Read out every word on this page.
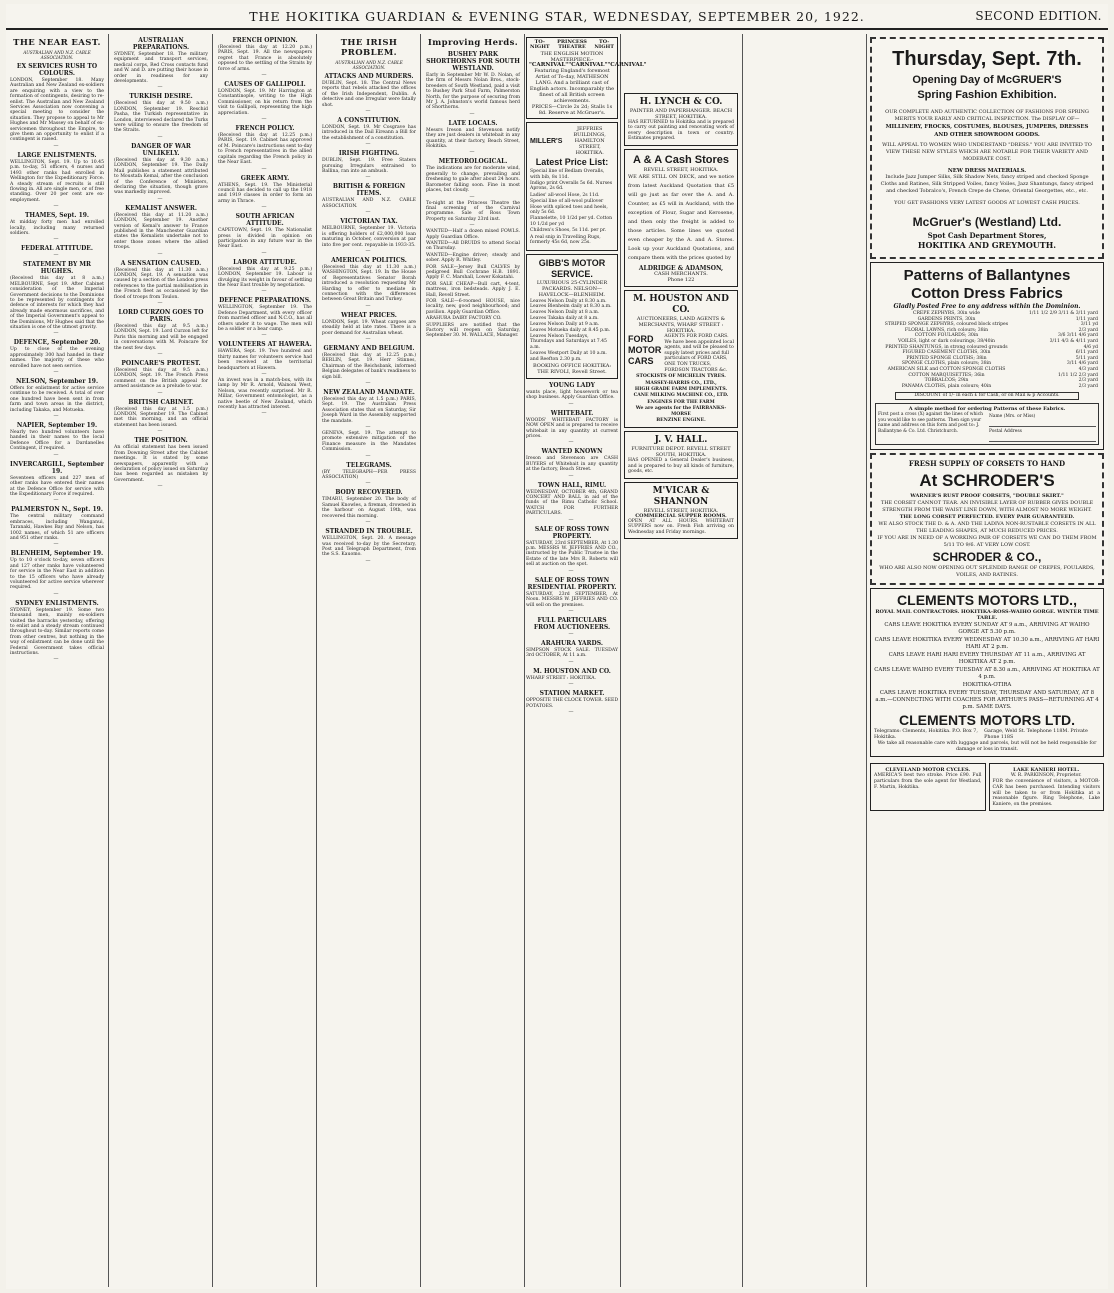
THE HOKITIKA GUARDIAN & EVENING STAR, WEDNESDAY, SEPTEMBER 20, 1922.	SECOND EDITION.
THE NEAR EAST.
AUSTRALIAN AND N.Z. CABLE ASSOCIATION.
EX SERVICES RUSH TO COLOURS.
LONDON, September 18. Many Australian and New Zealand ex-soldiers are enquiring with a view to the formation of contingents, desiring to re-enlist. The Australian and New Zealand Services Association now convening a special meeting to consider the situation. They propose to appeal to Mr Hughes and Mr Massey on behalf of ex-servicemen throughout the Empire, to give them an opportunity to enlist if a contingent is raised.
—
LARGE ENLISTMENTS.
WELLINGTON, Sept. 19. Up to 10.45 p.m. to-day, 51 officers, 4 nurses and 1493 other ranks had enrolled in Wellington for the Expeditionary Force. A steady stream of recruits is still flowing in. All are single men, or of free standing. Over 20 per cent are ex-employment.
—
THAMES, Sept. 19.
At midday forty men had enrolled locally, including many returned soldiers.
—
FEDERAL ATTITUDE.
—
STATEMENT BY MR HUGHES.
(Received this day at 8 a.m.) MELBOURNE, Sept 19. After Cabinet consideration of the Imperial Government decisions to the Dominions to be represented by contingents for defence of interests for which they had already made enormous sacrifices, and of the Imperial Government's appeal to the Dominions, Mr Hughes said that the situation is one of the utmost gravity.
—
DEFENCE, September 20.
Up to close of the evening approximately 300 had handed in their names. The majority of these who enrolled have not seen service.
—
NELSON, September 19.
Offers for enlistment for active service continue to be received. A total of over one hundred have been sent in from farm and town areas in the district, including Takaka, and Motueka.
—
NAPIER, September 19.
Nearly two hundred volunteers have handed in their names to the local Defence Office for a Dardanelles Contingent, if required.
—
INVERCARGILL, September 19.
Seventeen officers and 227 men of other ranks have entered their names at the Defence Office for service with the Expeditionary Force if required.
—
PALMERSTON N., Sept. 19.
The central military command embraces, including Wanganui, Taranaki, Hawkes Bay and Nelson, has 1002 names, of which 51 are officers and 951 other ranks.
—
BLENHEIM, September 19.
Up to 10 o'clock to-day, seven officers and 127 other ranks have volunteered for service in the Near East in addition to the 15 officers who have already volunteered for active service wherever required.
—
SYDNEY ENLISTMENTS.
SYDNEY, September 19. Some two thousand men, mainly ex-soldiers visited the barracks yesterday, offering to enlist and a steady stream continued throughout to-day. Similar reports come from other centres, but nothing in the way of enlistment can be done until the Federal Government takes official instructions.
—
AUSTRALIAN PREPARATIONS.
SYDNEY, September 18. The military equipment and transport services, medical corps, Red Cross contacts fund and W. and D. are putting their house in order in readiness for any developments.
—
TURKISH DESIRE.
(Received this day at 9.50 a.m.) LONDON, September 19. Reschid Pasha, the Turkish representative in London, interviewed declared the Turks were willing to ensure the freedom of the Straits.
—
DANGER OF WAR UNLIKELY.
(Received this day at 9.30 a.m.) LONDON, September 19. The Daily Mail publishes a statement attributed to Moustafa Kemal, after the conclusion of the Conference of Ministers, declaring the situation, though grave was markedly improved.
—
KEMALIST ANSWER.
(Received this day at 11.20 a.m.) LONDON, September 19. Another version of Kemal's answer to France published in the Manchester Guardian states the Kemalists undertake not to enter those zones where the allied troops.
—
A SENSATION CAUSED.
(Received this day at 11.30 a.m.) LONDON, Sept. 19. A sensation was caused by a section of the London press references to the partial mobilisation in the French fleet as occasioned by the flood of troops from Toulon.
—
LORD CURZON GOES TO PARIS.
(Received this day at 9.5 a.m.) LONDON, Sept. 19. Lord Curzon left for Paris this morning and will be engaged in conversations with M. Poincare for the next few days.
—
POINCARE'S PROTEST.
(Received this day at 9.5 a.m.) LONDON, Sept. 19. The French Press comment on the British appeal for armed assistance as a prelude to war.
—
BRITISH CABINET.
(Received this day at 1.5 p.m.) LONDON, September 19. The Cabinet met this morning, and an official statement has been issued.
—
THE POSITION.
An official statement has been issued from Downing Street after the Cabinet meetings. It is stated by some newspapers, apparently with a declaration of policy issued on Saturday has been regarded as mistaken by Government.
—
FRENCH OPINION.
(Received this day at 12.20 p.m.) PARIS, Sept. 19. All the newspapers regret that France is absolutely opposed to the settling of the Straits by force of arms.
—
CAUSES OF GALLIPOLI.
LONDON, Sept. 19. Mr Harrington at Constantinople, writing to the High Commissioner, on his return from the visit to Gallipoli, representing the high appreciation.
—
FRENCH POLICY.
(Received this day at 12.25 p.m.) PARIS, Sept. 19. Cabinet has approved of M. Poincare's instructions sent to-day to French representatives in the allied capitals regarding the French policy in the Near East.
—
GREEK ARMY.
ATHENS, Sept. 19. The Ministerial council has decided to call up the 1918 and 1919 classes in order to form an army in Thrace.
—
SOUTH AFRICAN ATTITUDE.
CAPETOWN, Sept. 19. The Nationalist press is divided in opinion on participation in any future war in the Near East.
—
LABOR ATTITUDE.
(Received this day at 9.25 p.m.) LONDON, September 19. Labour is divulging its weight in favour of settling the Near East trouble by negotiation.
—
DEFENCE PREPARATIONS.
WELLINGTON, September 19. The Defence Department, with every officer from married officer and N.C.O., has all others under it to wage. The men will be a soldier or a bear camp.
—
VOLUNTEERS AT HAWERA.
HAWERA, Sept. 19. Two hundred and thirty names for volunteers service had been received at the territorial headquarters at Hawera.
—
An invest was in a match-box, with its lamp by Mr R. Arnold, Wainoni West, Nelson, was recently surprised. Mr R. Millar, Government entomologist, as a native beetle of New Zealand, which recently has attracted interest.
—
THE IRISH PROBLEM.
AUSTRALIAN AND N.Z. CABLE ASSOCIATION.
ATTACKS AND MURDERS.
DUBLIN, Sept. 18. The Central News reports that rebels attacked the offices of the Irish Independent, Dublin. A detective and one Irregular were fatally shot.
—
A CONSTITUTION.
LONDON, Sept. 19. Mr Cosgrave has introduced in the Dail Eireann a Bill for the establishment of a constitution.
—
IRISH FIGHTING.
DUBLIN, Sept. 19. Free Staters pursuing Irregulars entrained to Ballina, ran into an ambush.
—
BRITISH & FOREIGN ITEMS.
AUSTRALIAN AND N.Z. CABLE ASSOCIATION.
—
VICTORIAN TAX.
MELBOURNE, September 19. Victoria is offering holders of £2,000,000 loan maturing in October, conversion at par into five per cent. repayable in 1933-35.
—
AMERICAN POLITICS.
(Received this day at 11.30 a.m.) WASHINGTON, Sept. 19. In the House of Representatives Senator Borah introduced a resolution requesting Mr Harding to offer to mediate in connection with the differences between Great Britain and Turkey.
—
WHEAT PRICES.
LONDON, Sept. 19. Wheat cargoes are steadily held at late rates. There is a poor demand for Australian wheat.
—
GERMANY AND BELGIUM.
(Received this day at 12.25 p.m.) BERLIN, Sept. 19. Herr Stinnes, Chairman of the Reichsbank, informed Belgian delegates of bank's readiness to sign bill.
—
NEW ZEALAND MANDATE.
(Received this day at 1.5 p.m.) PARIS, Sept. 19. The Australian Press Association states that on Saturday, Sir Joseph Ward in the Assembly supported the mandate.
—
GENEVA, Sept. 19. The attempt to promote extensive mitigation of the Finance measure in the Mandates Commission.
—
TELEGRAMS.
(BY TELEGRAPH—PER PRESS ASSOCIATION)
—
BODY RECOVERED.
TIMARU, September 20. The body of Samuel Knowles, a fireman, drowned in the harbour on August 19th, was recovered this morning.
—
STRANDED IN TROUBLE.
WELLINGTON, Sept. 20. A message was received to-day by the Secretary, Post and Telegraph Department, from the S.S. Kauomo.
—
Improving Herds.
BUSHEY PARK SHORTHORNS FOR SOUTH WESTLAND.
Early in September Mr W. D. Nolan, of the firm of Messrs Nolan Bros., stock-breeders of South Westland, paid a visit to Bushey Park Stud Farm, Palmerston North, for the purpose of securing from Mr J. A. Johnston's world famous herd of Shorthorns.
—
LATE LOCALS.
Messrs Ireson and Stevenson notify they are just dealers in whitebait in any quantity, at their factory, Beach Street, Hokitika.
—
METEOROLOGICAL.
The indications are for moderate wind, generally to change, prevailing and freshening to gale after about 24 hours. Barometer falling soon. Fine in most places, but cloudy.
—
To-night at the Princess Theatre the final screening of the Carnival programme. Sale of Ross Town Property on Saturday 23rd inst.
—
WANTED—Half a dozen mixed FOWLS. Apply Guardian Office.
WANTED—All DRUIDS to attend Social on Thursday.
WANTED—Engine driver; steady and sober. Apply R. Whitley.
FOR SALE—Jersey Bull CALVES by pedigreed Bull Cochrane H.B. 1891. Apply F. C. Marshall, Lower Kokatahi.
FOR SALE CHEAP—Bull cart, 4-tent, mattress, iron bedsteads. Apply J. E. Hall, Revell Street.
FOR SALE—6-roomed HOUSE, nice locality, new, good neighbourhood; and pavilion. Apply Guardian Office.
ARAHURA DAIRY FACTORY CO.
SUPPLIERS are notified that the Factory will reopen on Saturday, September 30. M. WALLACE, Manager.
TO-NIGHT
PRINCESS THEATRE
TO-NIGHT
THE ENGLISH MOTION MASTERPIECE:-
"CARNIVAL" "CARNIVAL" "CARNIVAL"
Featuring England's foremost Artist of To-day, MATHESON LANG. And a brilliant cast of English actors. Incomparably the finest of all British screen achievements.
PRICES—Circle 2s 2d; Stalls 1s 8d. Reserve at McGruer's.
MILLER'S
JEFFRIES BUILDINGS, HAMILTON STREET, HOKITIKA.
Latest Price List:
Special line of Bedlam Overalls, with bib, 8s 11d.
Indigo print Overalls 5s 6d. Nurses Aprons, 2s 6d.
Ladies' all-wool Hose, 2s 11d.
Special line of all-wool pullover Hose with spliced toes and heels, only 5s 6d.
Flannelette, 10 1/2d per yd. Cotton 10 1/2d per yd
Children's Shoes, 5s 11d. per pr.
A real snip in Travelling Rugs, formerly 45s 6d, now 25s.
GIBB'S MOTOR SERVICE.
LUXURIOUS 25-CYLINDER PACKARDS. NELSON—HAVELOCK—BLENHEIM.
Leaves Nelson Daily at 8.30 a.m. Leaves Blenheim daily at 8.30 a.m.
Leaves Nelson Daily at 8 a.m. Leaves Takaka daily at 8 a.m.
Leaves Nelson Daily at 9 a.m. Leaves Motueka daily at 8.45 p.m.
Leaves Nelson Tuesdays, Thursdays and Saturdays at 7.45 a.m.
Leaves Westport Daily at 10 a.m. and Reefton 2.30 p.m.
BOOKING OFFICE HOKITIKA: THE RIVOLI, Revell Street.
YOUNG LADY
wants place, light housework or tea shop business. Apply Guardian Office.
—
WHITEBAIT.
WOODS' WHITEBAIT FACTORY is NOW OPEN and is prepared to receive whitebait in any quantity at current prices.
—
WANTED KNOWN
Ireson and Stevenson are CASH BUYERS of Whitebait in any quantity at the factory, Beach Street.
—
TOWN HALL, RIMU.
WEDNESDAY, OCTOBER 4th, GRAND CONCERT AND BALL in aid of the funds of the Rimu Catholic School. WATCH FOR FURTHER PARTICULARS.
—
SALE OF ROSS TOWN PROPERTY.
SATURDAY, 23rd SEPTEMBER, At 1.30 p.m. MESSRS W. JEFFRIES AND CO., instructed by the Public Trustee in the Estate of the late Mrs R. Roberts will sell at auction on the spot.
—
SALE OF ROSS TOWN RESIDENTIAL PROPERTY.
SATURDAY, 23rd SEPTEMBER, At Noon. MESSRS W. JEFFRIES AND CO. will sell on the premises.
—
FULL PARTICULARS FROM AUCTIONEERS.
—
ARAHURA YARDS.
SIMPSON STOCK SALE. TUESDAY 3rd OCTOBER, At 11 a.m.
—
M. HOUSTON AND CO.
WHARF STREET : HOKITIKA.
—
STATION MARKET.
OPPOSITE THE CLOCK TOWER. SEED POTATOES.
—
H. LYNCH & CO.
PAINTER AND PAPERHANGER. BEACH STREET, HOKITIKA.
HAS RETURNED to Hokitika and is prepared to carry out painting and renovating work of every description in town or country. Estimates prepared.
A & A Cash Stores
REVELL STREET, HOKITIKA.
WE ARE STILL ON DECK, and we notice from latest Auckland Quotation that £5 will go just as far over the A. and A. Counter, as £5 will in Auckland, with the exception of Flour, Sugar and Kerosene, and then only the freight is added to those articles. Some lines we quoted even cheaper by the A. and A. Stores. Look up your Auckland Quotations, and compare them with the prices quoted by
ALDRIDGE & ADAMSON,
CASH MERCHANTS.
Phone 122
M. HOUSTON AND CO.
AUCTIONEERS, LAND AGENTS & MERCHANTS, WHARF STREET : HOKITIKA.
FORD
MOTOR
CARS
AGENTS FOR FORD CARS. We have been appointed local agents, and will be pleased to supply latest prices and full particulars of FORD CARS, ONE TON TRUCKS, FORDSON TRACTORS &c.
STOCKISTS OF MICHELIN TYRES.
MASSEY-HARRIS CO., LTD.,
HIGH GRADE FARM IMPLEMENTS.
CANE MILKING MACHINE CO., LTD.
ENGINES FOR THE FARM
We are agents for the FAIRBANKS-MORSE
BENZINE ENGINE.
J. V. HALL.
FURNITURE DEPOT. REVELL STREET SOUTH, HOKITIKA.
HAS OPENED a General Dealer's business, and is prepared to buy all kinds of furniture, goods, etc.
M'VICAR & SHANNON
REVELL STREET, HOKITIKA.
COMMERCIAL SUPPER ROOMS.
OPEN AT ALL HOURS. WHITEBAIT SUPPERS now on. Fresh Fish arriving on Wednesday and Friday mornings.
Thursday, Sept. 7th.
Opening Day of McGRUER'S
Spring Fashion Exhibition.
OUR COMPLETE AND AUTHENTIC COLLECTION OF FASHIONS FOR SPRING MERITS YOUR EARLY AND CRITICAL INSPECTION. The DISPLAY OF—
MILLINERY, FROCKS, COSTUMES, BLOUSES, JUMPERS, DRESSES AND OTHER SHOWROOM GOODS.
WILL APPEAL TO WOMEN WHO UNDERSTAND "DRESS." YOU ARE INVITED TO VIEW THESE NEW STYLES WHICH ARE NOTABLE FOR THEIR VARIETY AND MODERATE COST.
NEW DRESS MATERIALS.
Include Jazz Jumper Silks, Silk Shadow Nets, fancy striped and checked Sponge Cloths and Ratines, Silk Stripped Voiles, fancy Voiles, Jazz Shantungs, fancy striped and checked Tobralco's, French Crepe de Chene, Oriental Georgettes, etc., etc.
YOU GET FASHIONS VERY LATEST GOODS AT LOWEST CASH PRICES.
McGruer's (Westland) Ltd.
Spot Cash Department Stores,
HOKITIKA AND GREYMOUTH.
Patterns of Ballantynes
Cotton Dress Fabrics
Gladly Posted Free to any address within the Dominion.
CREPE ZEPHYRS, 30in wide	1/11 1/2 2/9 3/11 & 3/11 yard
GARDENS PRINTS, 30in	1/11 yard
STRIPED SPONGE ZEPHYRS, coloured block stripes	3/11 yd
FLORAL LAWNS, rich colours; 38in	2/3 yard
COTTON FOULARDS; 30in	3/6 3/11 4/6 yard
VOILES, light or dark colourings; 38/40in	3/11 4/3 & 4/11 yard
PRINTED SHANTUNGS, in strong coloured grounds	4/6 yd
FIGURED CASEMENT CLOTHS, 30in	6/11 yard
PRINTED SPONGE CLOTHS; 38in	5/11 yard
SPONGE CLOTHS, plain colours; 38in	3/11 4/6 yard
AMERICAN SILK and COTTON SPONGE CLOTHS	4/3 yard
COTTON MARQUISETTES; 36in	1/11 1/2 2/3 yard
TOBRALCOS; 29in	2/3 yard
PANAMA CLOTHS, plain colours; 40in	2/3 yard
DISCOUNT of 1/- in each £ for Cash, or on Mail & p Accounts.
A simple method for ordering Patterns of these Fabrics.
First post a cross (X) against the lines of which you would like to see patterns. Then sign your name and address on this form and post to: J. Ballantyne & Co. Ltd. Christchurch.
Name (Mrs. or Miss)
Postal Address
FRESH SUPPLY OF CORSETS TO HAND
At SCHRODER'S
WARNER'S RUST PROOF CORSETS, "DOUBLE SKIRT."
THE CORSET CANNOT TEAR. AN INVISIBLE LAYER OF RUBBER GIVES DOUBLE STRENGTH FROM THE WAIST LINE DOWN, WITH ALMOST NO MORE WEIGHT.
THE LONG CORSET PERFECTED. EVERY PAIR GUARANTEED.
WE ALSO STOCK THE D. & A. AND THE LADIVA NON-RUSTABLE CORSETS IN ALL THE LEADING SHAPES, AT MUCH REDUCED PRICES.
IF YOU ARE IN NEED OF A WORKING PAIR OF CORSETS WE CAN DO THEM FROM 5/11 TO 9/6. AT VERY LOW COST.
SCHRODER & CO.,
WHO ARE ALSO NOW OPENING OUT SPLENDID RANGE OF CREPES, FOULARDS, VOILES, AND RATINES.
CLEMENTS MOTORS LTD.,
ROYAL MAIL CONTRACTORS. HOKITIKA-ROSS-WAIHO GORGE. WINTER TIME TABLE.
CARS LEAVE HOKITIKA EVERY SUNDAY AT 9 a.m., ARRIVING AT WAIHO GORGE AT 5.30 p.m.
CARS LEAVE HOKITIKA EVERY WEDNESDAY AT 10.30 a.m., ARRIVING AT HARI HARI AT 2 p.m.
CARS LEAVE HARI HARI EVERY THURSDAY AT 11 a.m., ARRIVING AT HOKITIKA AT 2 p.m.
CARS LEAVE WAIHO EVERY TUESDAY AT 8.30 a.m., ARRIVING AT HOKITIKA AT 4 p.m.
HOKITIKA-OTIRA
CARS LEAVE HOKITIKA EVERY TUESDAY, THURSDAY AND SATURDAY, AT 8 a.m.—CONNECTING WITH COACHES FOR ARTHUR'S PASS—RETURNING AT 4 p.m. SAME DAYS.
CLEMENTS MOTORS LTD.
Telegrams: Clements, Hokitika. P.O. Box 7, Hokitika.
Garage, Weld St. Telephone 118M. Private Phone 118S
We take all reasonable care with luggage and parcels, but will not be held responsible for damage or loss in transit.
CLEVELAND MOTOR CYCLES.
AMERICA'S best two stroke. Price £90. Full particulars from the sole agent for Westland, F. Martin, Hokitika.
LAKE KANIERI HOTEL.
W. R. PARKINSON, Proprietor.
FOR the convenience of visitors, a MOTOR-CAR has been purchased. Intending visitors will be taken to or from Hokitika at a reasonable figure. Ring Telephone, Lake Kaniere, on the premises.
